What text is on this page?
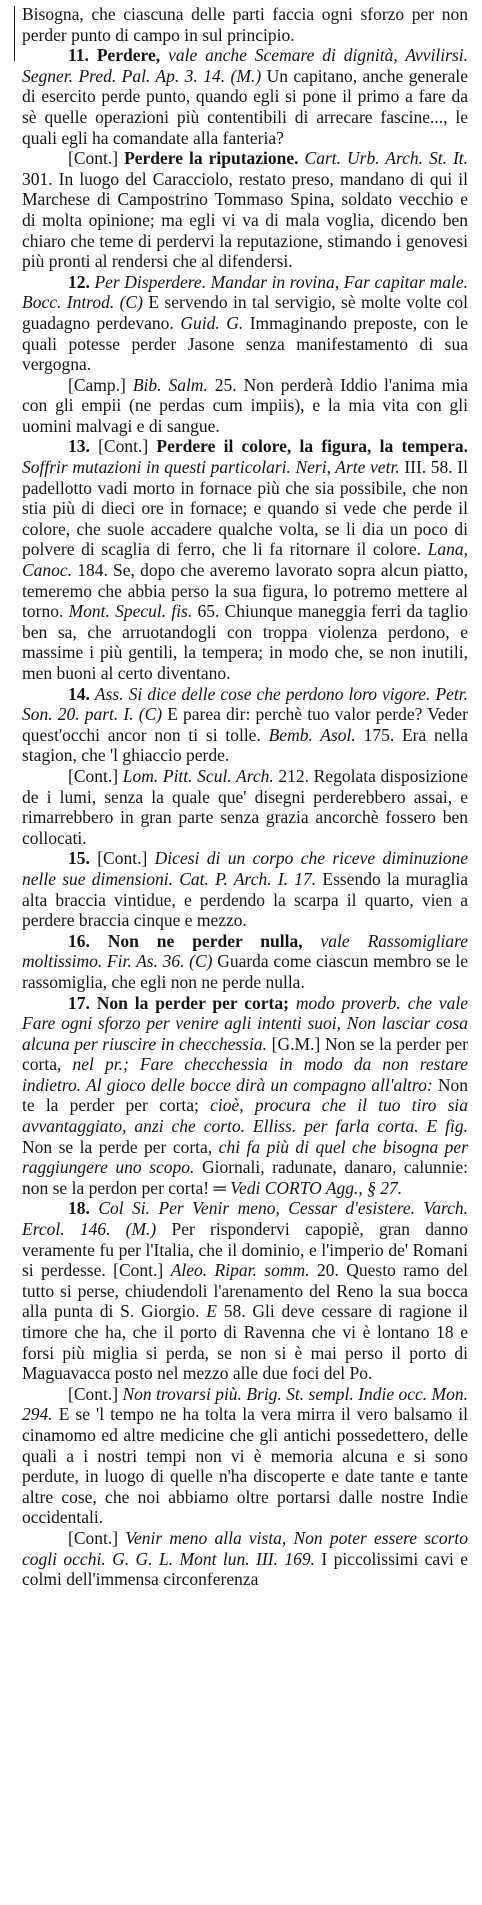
Bisogna, che ciascuna delle parti faccia ogni sforzo per non perder punto di campo in sul principio.

11. Perdere, vale anche Scemare di dignità, Avvilirsi. Segner. Pred. Pal. Ap. 3. 14. (M.) Un capitano, anche generale di esercito perde punto, quando egli si pone il primo a fare da sè quelle operazioni più contentibili di arrecare fascine..., le quali egli ha comandate alla fanteria?

[Cont.] Perdere la riputazione. Cart. Urb. Arch. St. It. 301. In luogo del Caracciolo, restato preso, mandano di qui il Marchese di Campostrino Tommaso Spina, soldato vecchio e di molta opinione; ma egli vi va di mala voglia, dicendo ben chiaro che teme di perdervi la reputazione, stimando i genovesi più pronti al rendersi che al difendersi.

12. Per Disperdere. Mandar in rovina, Far capitar male. Bocc. Introd. (C) E servendo in tal servigio, sè molte volte col guadagno perdevano. Guid. G. Immaginando preposte, con le quali potesse perder Jasone senza manifestamento di sua vergogna.

[Camp.] Bib. Salm. 25. Non perderà Iddio l'anima mia con gli empii (ne perdas cum impiis), e la mia vita con gli uomini malvagi e di sangue.

13. [Cont.] Perdere il colore, la figura, la tempera. Soffrir mutazioni in questi particolari. Neri, Arte vetr. III. 58. Il padellotto vadi morto in fornace più che sia possibile, che non stia più di dieci ore in fornace; e quando si vede che perde il colore, che suole accadere qualche volta, se li dia un poco di polvere di scaglia di ferro, che li fa ritornare il colore. Lana, Canoc. 184. Se, dopo che averemo lavorato sopra alcun piatto, temeremo che abbia perso la sua figura, lo potremo mettere al torno. Mont. Specul. fis. 65. Chiunque maneggia ferri da taglio ben sa, che arruotandogli con troppa violenza perdono, e massime i più gentili, la tempera; in modo che, se non inutili, men buoni al certo diventano.

14. Ass. Si dice delle cose che perdono loro vigore. Petr. Son. 20. part. I. (C) E parea dir: perchè tuo valor perde? Veder quest'occhi ancor non ti si tolle. Bemb. Asol. 175. Era nella stagion, che 'l ghiaccio perde.

[Cont.] Lom. Pitt. Scul. Arch. 212. Regolata disposizione de i lumi, senza la quale que' disegni perderebbero assai, e rimarrebbero in gran parte senza grazia ancorchè fossero ben collocati.

15. [Cont.] Dicesi di un corpo che riceve diminuzione nelle sue dimensioni. Cat. P. Arch. I. 17. Essendo la muraglia alta braccia vintidue, e perdendo la scarpa il quarto, vien a perdere braccia cinque e mezzo.

16. Non ne perder nulla, vale Rassomigliare moltissimo. Fir. As. 36. (C) Guarda come ciascun membro se le rassomiglia, che egli non ne perde nulla.

17. Non la perder per corta; modo proverb. che vale Fare ogni sforzo per venire agli intenti suoi, Non lasciar cosa alcuna per riuscire in checchessia. [G.M.] Non se la perder per corta, nel pr.; Fare checchessia in modo da non restare indietro. Al gioco delle bocce dirà un compagno all'altro: Non te la perder per corta; cioè, procura che il tuo tiro sia avvantaggiato, anzi che corto. Elliss. per farla corta. E fig. Non se la perde per corta, chi fa più di quel che bisogna per raggiungere uno scopo. Giornali, radunate, danaro, calunnie: non se la perdon per corta! ═ Vedi CORTO Agg., § 27.

18. Col Si. Per Venir meno, Cessar d'esistere. Varch. Ercol. 146. (M.) Per rispondervi capopiè, gran danno veramente fu per l'Italia, che il dominio, e l'imperio de' Romani si perdesse. [Cont.] Aleo. Ripar. somm. 20. Questo ramo del tutto si perse, chiudendoli l'arenamento del Reno la sua bocca alla punta di S. Giorgio. E 58. Gli deve cessare di ragione il timore che ha, che il porto di Ravenna che vi è lontano 18 e forsi più miglia si perda, se non si è mai perso il porto di Maguavacca posto nel mezzo alle due foci del Po.

[Cont.] Non trovarsi più. Brig. St. sempl. Indie occ. Mon. 294. E se 'l tempo ne ha tolta la vera mirra il vero balsamo il cinamomo ed altre medicine che gli antichi possedettero, delle quali a i nostri tempi non vi è memoria alcuna e si sono perdute, in luogo di quelle n'ha discoperte e date tante e tante altre cose, che noi abbiamo oltre portarsi dalle nostre Indie occidentali.

[Cont.] Venir meno alla vista, Non poter essere scorto cogli occhi. G. G. L. Mont lun. III. 169. I piccolissimi cavi e colmi dell'immensa circonferenza
